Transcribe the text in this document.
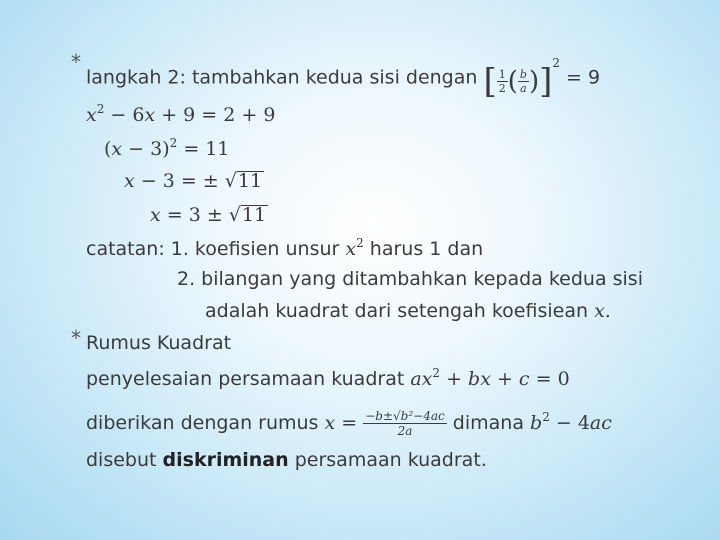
*
langkah 2: tambahkan kedua sisi dengan [ $\frac{1}{2}$ ( $\frac{b}{a} )]^2 = 9$
$x^2 - 6x + 9 = 2 + 9$
$(x - 3)^2 = 11$
x − 3 = ± √11
x = 3 ± √11
catatan: 1. koefisien unsur $x^2$ harus 1 dan
2. bilangan yang ditambahkan kepada kedua sisi
adalah kuadrat dari setengah koefisiean x.
* Rumus Kuadrat
penyelesaian persamaan kuadrat $ax^2$ + bx + c = 0
diberikan dengan rumus $x = \frac{\text{−b±√b²−4ac}}{2a}$ dimana $b^2 - 4ac$
disebut diskriminan persamaan kuadrat.
